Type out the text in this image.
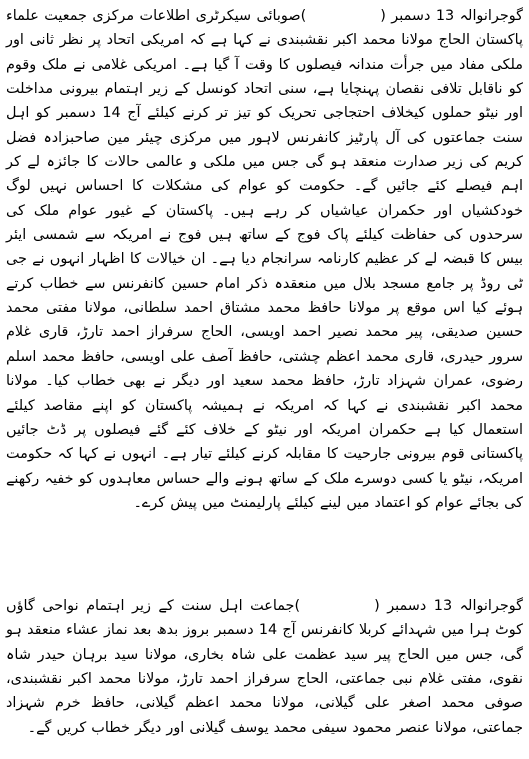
گوجرانوالہ 13 دسمبر ()صوبائی سیکرٹری اطلاعات مرکزی جمعیت علماء پاکستان الحاج مولانا محمد اکبر نقشبندی نے کہا ہے کہ امریکی اتحاد پر نظر ثانی اور ملکی مفاد میں جرأت مندانہ فیصلوں کا وقت آ گیا ہے۔ امریکی غلامی نے ملک وقوم کو ناقابل تلافی نقصان پہنچایا ہے، سنی اتحاد کونسل کے زیر اہتمام بیرونی مداخلت اور نیٹو حملوں کیخلاف احتجاجی تحریک کو تیز تر کرنے کیلئے آج 14 دسمبر کو اہل سنت جماعتوں کی آل پارٹیز کانفرنس لاہور میں مرکزی چیئر مین صاحبزادہ فضل کریم کی زیر صدارت منعقد ہو گی جس میں ملکی و عالمی حالات کا جائزہ لے کر اہم فیصلے کئے جائیں گے۔ حکومت کو عوام کی مشکلات کا احساس نہیں لوگ خودکشیاں اور حکمران عیاشیاں کر رہے ہیں۔ پاکستان کے غیور عوام ملک کی سرحدوں کی حفاظت کیلئے پاک فوج کے ساتھ ہیں فوج نے امریکہ سے شمسی ایئر بیس کا قبضہ لے کر عظیم کارنامہ سرانجام دیا ہے۔ ان خیالات کا اظہار انہوں نے جی ٹی روڈ پر جامع مسجد بلال میں منعقدہ ذکر امام حسین کانفرنس سے خطاب کرتے ہوئے کیا اس موقع پر مولانا حافظ محمد مشتاق احمد سلطانی، مولانا مفتی محمد حسین صدیقی، پیر محمد نصیر احمد اویسی، الحاج سرفراز احمد تارڑ، قاری غلام سرور حیدری، قاری محمد اعظم چشتی، حافظ آصف علی اویسی، حافظ محمد اسلم رضوی، عمران شہزاد تارڑ، حافظ محمد سعید اور دیگر نے بھی خطاب کیا۔ مولانا محمد اکبر نقشبندی نے کہا کہ امریکہ نے ہمیشہ پاکستان کو اپنے مقاصد کیلئے استعمال کیا ہے حکمران امریکہ اور نیٹو کے خلاف کئے گئے فیصلوں پر ڈٹ جائیں پاکستانی قوم بیرونی جارحیت کا مقابلہ کرنے کیلئے تیار ہے۔ انہوں نے کہا کہ حکومت امریکہ، نیٹو یا کسی دوسرے ملک کے ساتھ ہونے والے حساس معاہدوں کو خفیہ رکھنے کی بجائے عوام کو اعتماد میں لینے کیلئے پارلیمنٹ میں پیش کرے۔

گوجرانوالہ 13 دسمبر ()جماعت اہل سنت کے زیر اہتمام نواحی گاؤں کوٹ ہرا میں شہدائے کربلا کانفرنس آج 14 دسمبر بروز بدھ بعد نماز عشاء منعقد ہو گی، جس میں الحاج پیر سید عظمت علی شاہ بخاری، مولانا سید برہان حیدر شاہ نقوی، مفتی غلام نبی جماعتی، الحاج سرفراز احمد تارڑ، مولانا محمد اکبر نقشبندی، صوفی محمد اصغر علی گیلانی، مولانا محمد اعظم گیلانی، حافظ خرم شہزاد جماعتی، مولانا عنصر محمود سیفی محمد یوسف گیلانی اور دیگر خطاب کریں گے۔
